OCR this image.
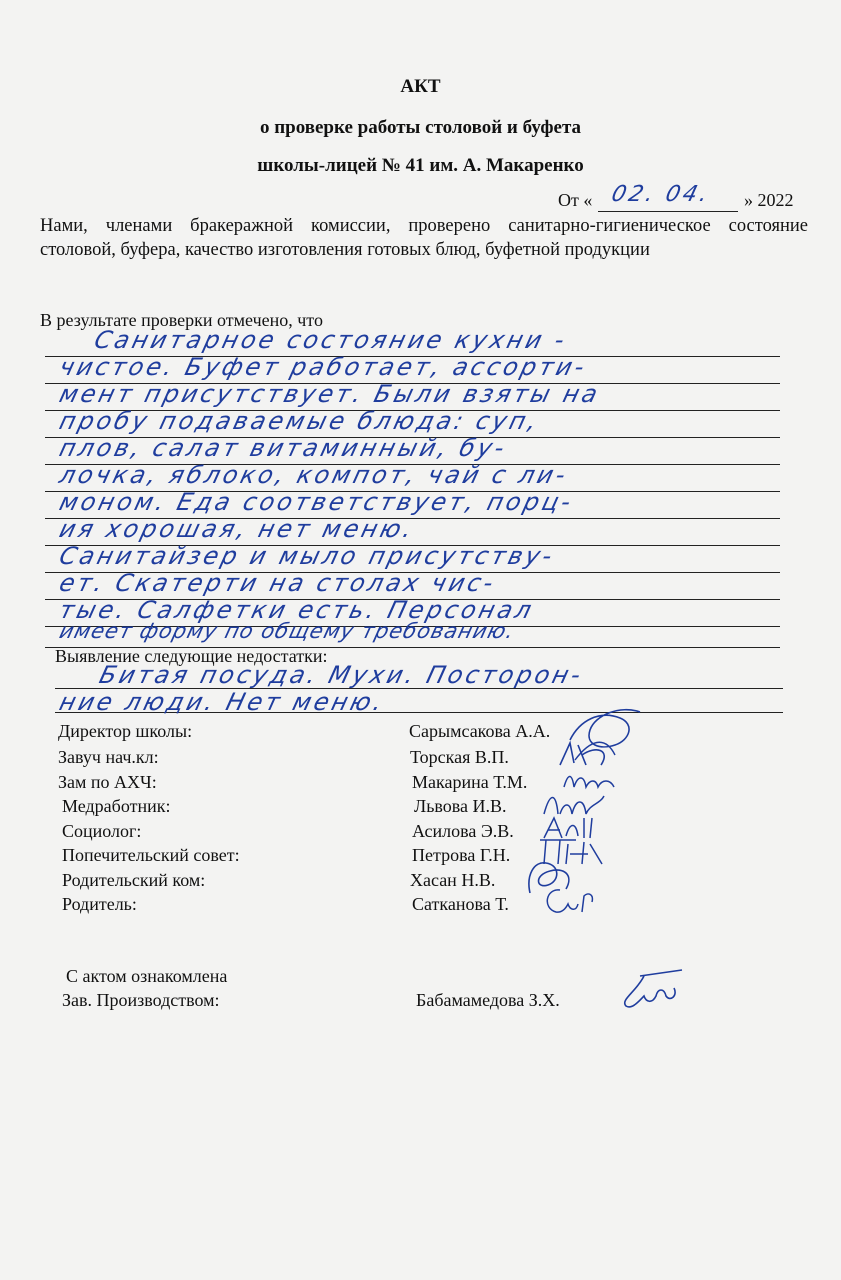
АКТ
о проверке работы столовой и буфета
школы-лицей № 41 им. А. Макаренко
От « 02. 04. » 2022
Нами, членами бракеражной комиссии, проверено санитарно-гигиеническое состояние столовой, буфера, качество изготовления готовых блюд, буфетной продукции
В результате проверки отмечено, что
Санитарное состояние кухни -
чистое. Буфет работает, ассорти-
мент присутствует. Были взяты на
пробу подаваемые блюда: суп,
плов, салат витаминный, бу-
лочка, яблоко, компот, чай с ли-
моном. Еда соответствует, порц-
ия хорошая, нет меню.
Санитайзер и мыло присутству-
ет. Скатерти на столах чис-
тые. Салфетки есть. Персонал
имеет форму по общему требованию.
Выявление следующие недостатки:
Битая посуда. Мухи. Посторон-
ние люди. Нет меню.
Директор школы:	Сарымсакова А.А.
Завуч нач.кл:	Торская В.П.
Зам по АХЧ:	Макарина Т.М.
Медработник:	Львова И.В.
Социолог:	Асилова Э.В.
Попечительский совет:	Петрова Г.Н.
Родительский ком:	Хасан Н.В.
Родитель:	Сатканова Т.
С актом ознакомлена
Зав. Производством:	Бабамамедова З.Х.
